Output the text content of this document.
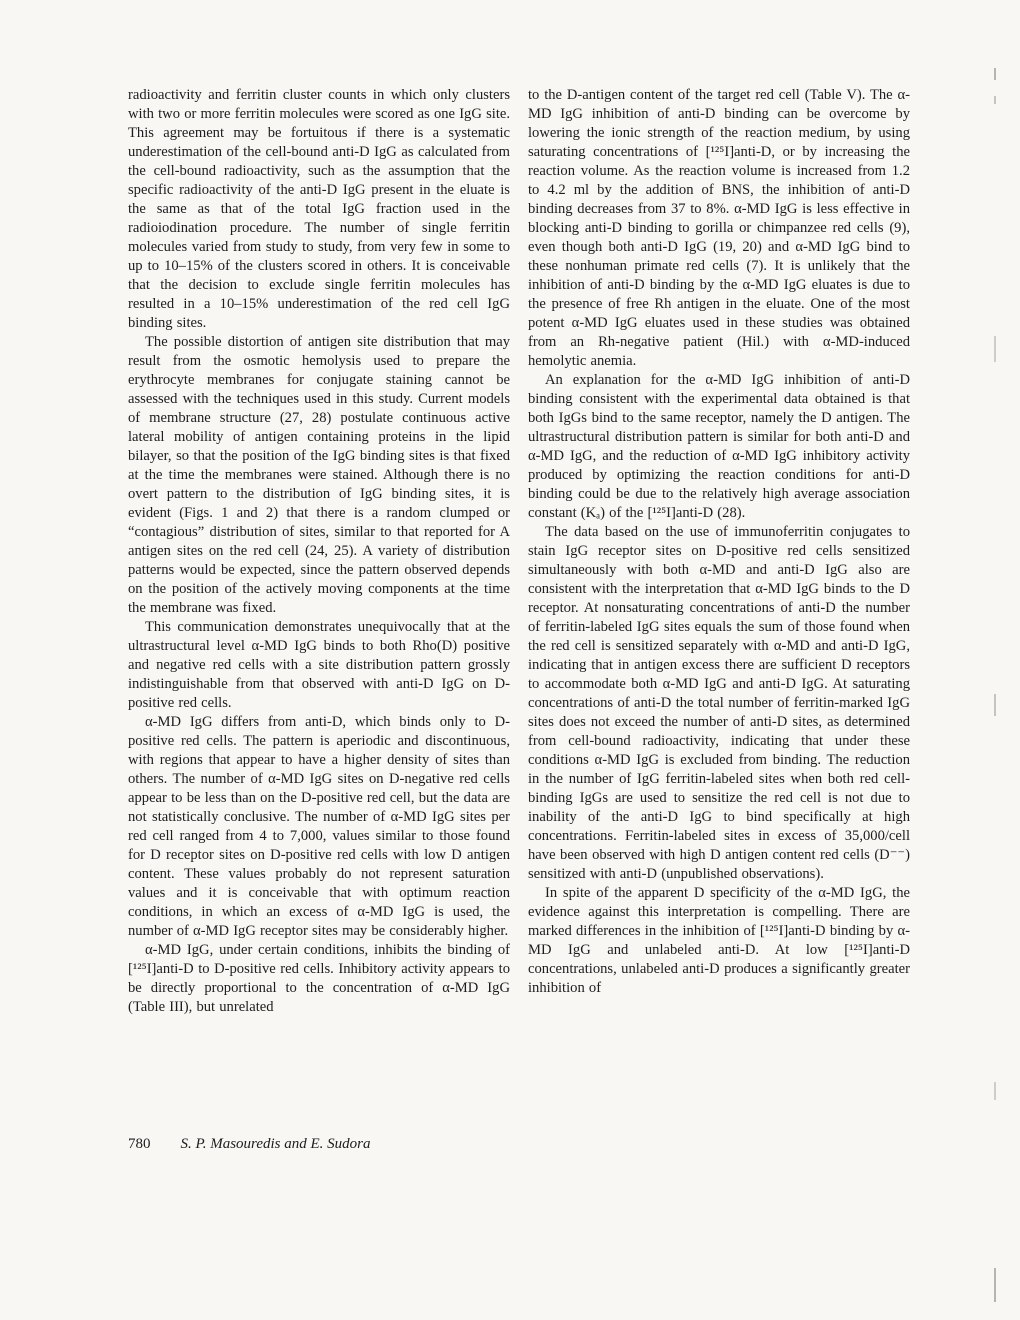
radioactivity and ferritin cluster counts in which only clusters with two or more ferritin molecules were scored as one IgG site. This agreement may be fortuitous if there is a systematic underestimation of the cell-bound anti-D IgG as calculated from the cell-bound radioactivity, such as the assumption that the specific radioactivity of the anti-D IgG present in the eluate is the same as that of the total IgG fraction used in the radioiodination procedure. The number of single ferritin molecules varied from study to study, from very few in some to up to 10–15% of the clusters scored in others. It is conceivable that the decision to exclude single ferritin molecules has resulted in a 10–15% underestimation of the red cell IgG binding sites.

The possible distortion of antigen site distribution that may result from the osmotic hemolysis used to prepare the erythrocyte membranes for conjugate staining cannot be assessed with the techniques used in this study. Current models of membrane structure (27, 28) postulate continuous active lateral mobility of antigen containing proteins in the lipid bilayer, so that the position of the IgG binding sites is that fixed at the time the membranes were stained. Although there is no overt pattern to the distribution of IgG binding sites, it is evident (Figs. 1 and 2) that there is a random clumped or “contagious” distribution of sites, similar to that reported for A antigen sites on the red cell (24, 25). A variety of distribution patterns would be expected, since the pattern observed depends on the position of the actively moving components at the time the membrane was fixed.

This communication demonstrates unequivocally that at the ultrastructural level α-MD IgG binds to both Rho(D) positive and negative red cells with a site distribution pattern grossly indistinguishable from that observed with anti-D IgG on D-positive red cells.

α-MD IgG differs from anti-D, which binds only to D-positive red cells. The pattern is aperiodic and discontinuous, with regions that appear to have a higher density of sites than others. The number of α-MD IgG sites on D-negative red cells appear to be less than on the D-positive red cell, but the data are not statistically conclusive. The number of α-MD IgG sites per red cell ranged from 4 to 7,000, values similar to those found for D receptor sites on D-positive red cells with low D antigen content. These values probably do not represent saturation values and it is conceivable that with optimum reaction conditions, in which an excess of α-MD IgG is used, the number of α-MD IgG receptor sites may be considerably higher.

α-MD IgG, under certain conditions, inhibits the binding of [¹²⁵I]anti-D to D-positive red cells. Inhibitory activity appears to be directly proportional to the concentration of α-MD IgG (Table III), but unrelated

to the D-antigen content of the target red cell (Table V). The α-MD IgG inhibition of anti-D binding can be overcome by lowering the ionic strength of the reaction medium, by using saturating concentrations of [¹²⁵I]anti-D, or by increasing the reaction volume. As the reaction volume is increased from 1.2 to 4.2 ml by the addition of BNS, the inhibition of anti-D binding decreases from 37 to 8%. α-MD IgG is less effective in blocking anti-D binding to gorilla or chimpanzee red cells (9), even though both anti-D IgG (19, 20) and α-MD IgG bind to these nonhuman primate red cells (7). It is unlikely that the inhibition of anti-D binding by the α-MD IgG eluates is due to the presence of free Rh antigen in the eluate. One of the most potent α-MD IgG eluates used in these studies was obtained from an Rh-negative patient (Hil.) with α-MD-induced hemolytic anemia.

An explanation for the α-MD IgG inhibition of anti-D binding consistent with the experimental data obtained is that both IgGs bind to the same receptor, namely the D antigen. The ultrastructural distribution pattern is similar for both anti-D and α-MD IgG, and the reduction of α-MD IgG inhibitory activity produced by optimizing the reaction conditions for anti-D binding could be due to the relatively high average association constant (Kₐ) of the [¹²⁵I]anti-D (28).

The data based on the use of immunoferritin conjugates to stain IgG receptor sites on D-positive red cells sensitized simultaneously with both α-MD and anti-D IgG also are consistent with the interpretation that α-MD IgG binds to the D receptor. At nonsaturating concentrations of anti-D the number of ferritin-labeled IgG sites equals the sum of those found when the red cell is sensitized separately with α-MD and anti-D IgG, indicating that in antigen excess there are sufficient D receptors to accommodate both α-MD IgG and anti-D IgG. At saturating concentrations of anti-D the total number of ferritin-marked IgG sites does not exceed the number of anti-D sites, as determined from cell-bound radioactivity, indicating that under these conditions α-MD IgG is excluded from binding. The reduction in the number of IgG ferritin-labeled sites when both red cell-binding IgGs are used to sensitize the red cell is not due to inability of the anti-D IgG to bind specifically at high concentrations. Ferritin-labeled sites in excess of 35,000/cell have been observed with high D antigen content red cells (D⁻⁻) sensitized with anti-D (unpublished observations).

In spite of the apparent D specificity of the α-MD IgG, the evidence against this interpretation is compelling. There are marked differences in the inhibition of [¹²⁵I]anti-D binding by α-MD IgG and unlabeled anti-D. At low [¹²⁵I]anti-D concentrations, unlabeled anti-D produces a significantly greater inhibition of

780 S. P. Masouredis and E. Sudora
